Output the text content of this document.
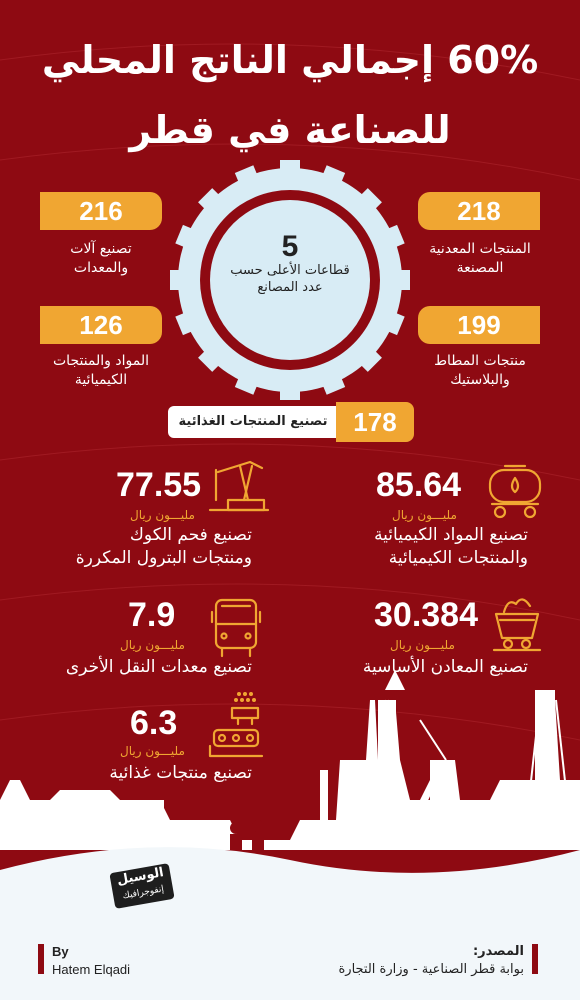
60% إجمالي الناتج المحلي
للصناعة في قطر
5
قطاعات الأعلى حسب عدد المصانع
216
تصنيع آلات
والمعدات
218
المنتجات المعدنية
المصنعة
126
المواد والمنتجات
الكيميائية
199
منتجات المطاط
والبلاستيك
تصنيع المنتجات الغذائية 178
77.55
مليـــون ريال
تصنيع فحم الكوك
ومنتجات البترول المكررة
85.64
مليـــون ريال
تصنيع المواد الكيميائية
والمنتجات الكيميائية
7.9
مليـــون ريال
تصنيع معدات النقل الأخرى
30.384
مليـــون ريال
تصنيع المعادن الأساسية
6.3
مليـــون ريال
تصنيع منتجات غذائية
الوسيل
إنفوجرافيك
By
Hatem Elqadi
المصدر:
بوابة قطر الصناعية - وزارة التجارة
